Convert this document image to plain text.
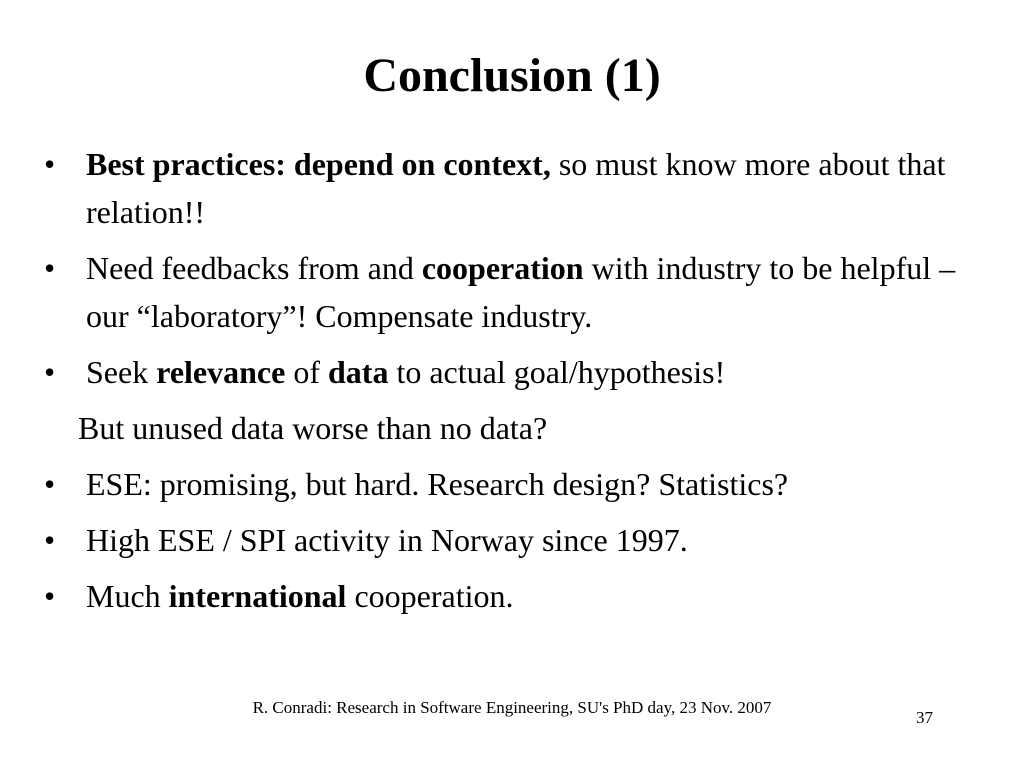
Conclusion (1)
• Best practices: depend on context, so must know more about that relation!!
• Need feedbacks from and cooperation with industry to be helpful – our “laboratory”! Compensate industry.
• Seek relevance of data to actual goal/hypothesis!
But unused data worse than no data?
• ESE: promising, but hard. Research design? Statistics?
• High ESE / SPI activity in Norway since 1997.
• Much international cooperation.
R. Conradi: Research in Software Engineering, SU's PhD day, 23 Nov. 2007
37
